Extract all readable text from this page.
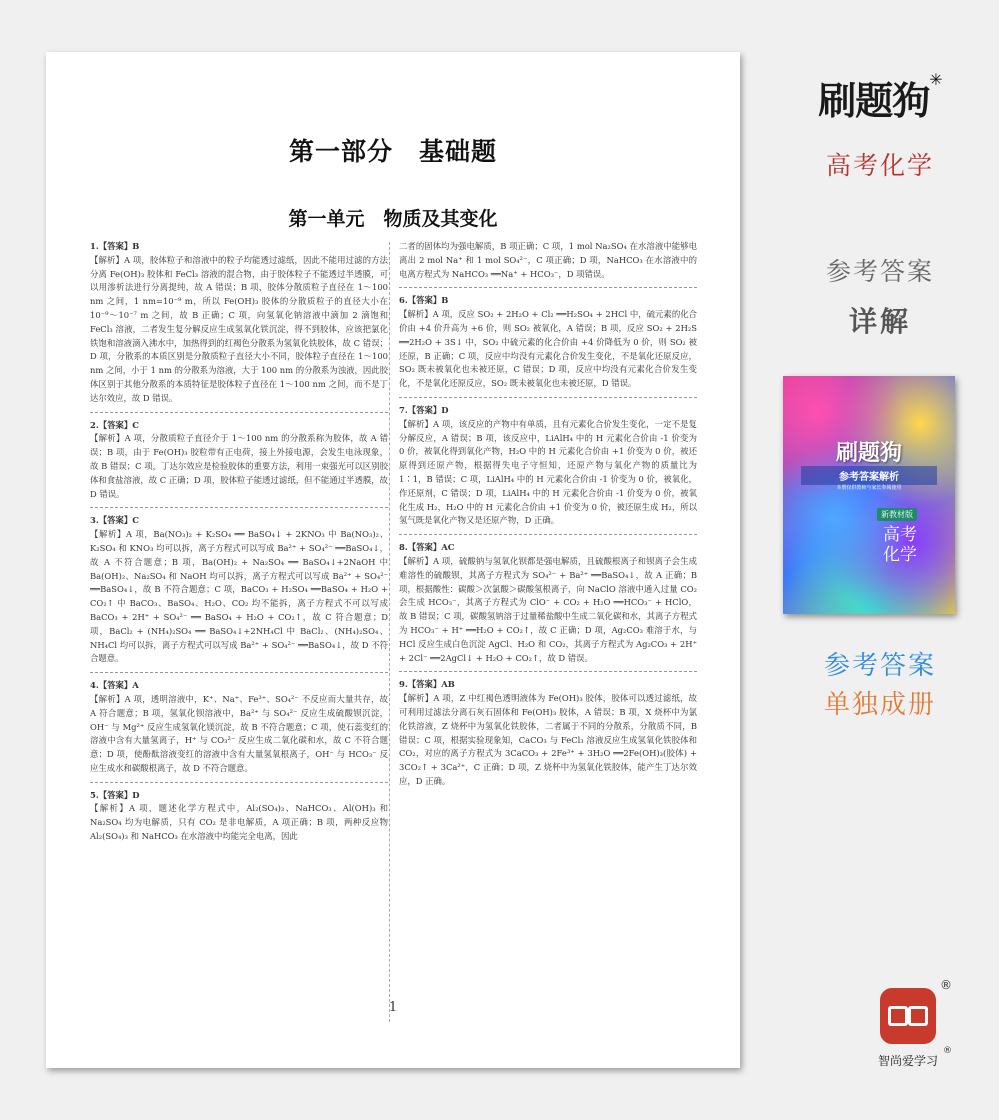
第一部分　基础题
第一单元　物质及其变化

1.【答案】B

【解析】A 项，胶体粒子和溶液中的粒子均能透过滤纸，因此不能用过滤的方法分离 Fe(OH)₃ 胶体和 FeCl₃ 溶液的混合物，由于胶体粒子不能透过半透膜，可以用渗析法进行分离提纯，故 A 错误；B 项，胶体分散质粒子直径在 1～100 nm 之间，1 nm=10⁻⁹ m，所以 Fe(OH)₃ 胶体的分散质粒子的直径大小在 10⁻⁹～10⁻⁷ m 之间，故 B 正确；C 项，向氢氧化钠溶液中滴加 2 滴饱和 FeCl₃ 溶液，二者发生复分解反应生成氢氧化铁沉淀，得不到胶体，应该把氯化铁饱和溶液滴入沸水中，加热得到的红褐色分散系为氢氧化铁胶体，故 C 错误；D 项，分散系的本质区别是分散质粒子直径大小不同，胶体粒子直径在 1～100 nm 之间，小于 1 nm 的分散系为溶液，大于 100 nm 的分散系为浊液，因此胶体区别于其他分散系的本质特征是胶体粒子直径在 1～100 nm 之间，而不是丁达尔效应，故 D 错误。

2.【答案】C

【解析】A 项，分散质粒子直径介于 1～100 nm 的分散系称为胶体，故 A 错误；B 项，由于 Fe(OH)₃ 胶粒带有正电荷，接上外接电源，会发生电泳现象，故 B 错误；C 项，丁达尔效应是检验胶体的重要方法，利用一束强光可以区别胶体和食盐溶液，故 C 正确；D 项，胶体粒子能透过滤纸，但不能通过半透膜，故 D 错误。

3.【答案】C

【解析】A 项，Ba(NO₃)₂ + K₂SO₄ ══ BaSO₄↓ + 2KNO₃ 中 Ba(NO₃)₂、K₂SO₄ 和 KNO₃ 均可以拆，离子方程式可以写成 Ba²⁺ + SO₄²⁻ ══BaSO₄↓，故 A 不符合题意；B 项，Ba(OH)₂ + Na₂SO₄ ══ BaSO₄↓+2NaOH 中 Ba(OH)₂、Na₂SO₄ 和 NaOH 均可以拆，离子方程式可以写成 Ba²⁺ + SO₄²⁻ ══BaSO₄↓，故 B 不符合题意；C 项，BaCO₃ + H₂SO₄ ══BaSO₄ + H₂O + CO₂↑ 中 BaCO₃、BaSO₄、H₂O、CO₂ 均不能拆，离子方程式不可以写成 BaCO₃ + 2H⁺ + SO₄²⁻ ══ BaSO₄ + H₂O + CO₂↑，故 C 符合题意；D 项，BaCl₂ + (NH₄)₂SO₄ ══ BaSO₄↓+2NH₄Cl 中 BaCl₂、(NH₄)₂SO₄、NH₄Cl 均可以拆，离子方程式可以写成 Ba²⁺ + SO₄²⁻ ══BaSO₄↓，故 D 不符合题意。

4.【答案】A

【解析】A 项，透明溶液中，K⁺、Na⁺、Fe³⁺、SO₄²⁻ 不反应而大量共存，故 A 符合题意；B 项，氢氧化钡溶液中，Ba²⁺ 与 SO₄²⁻ 反应生成硫酸钡沉淀，OH⁻ 与 Mg²⁺ 反应生成氢氧化镁沉淀，故 B 不符合题意；C 项，使石蕊变红的溶液中含有大量氢离子，H⁺ 与 CO₃²⁻ 反应生成二氧化碳和水，故 C 不符合题意；D 项，使酚酞溶液变红的溶液中含有大量氢氧根离子，OH⁻ 与 HCO₃⁻ 反应生成水和碳酸根离子，故 D 不符合题意。

5.【答案】D

【解析】A 项，题述化学方程式中，Al₂(SO₄)₃、NaHCO₃、Al(OH)₃ 和 Na₂SO₄ 均为电解质，只有 CO₂ 是非电解质，A 项正确；B 项，两种反应物 Al₂(SO₄)₃ 和 NaHCO₃ 在水溶液中均能完全电离，因此

二者的固体均为强电解质，B 项正确；C 项，1 mol Na₂SO₄ 在水溶液中能够电离出 2 mol Na⁺ 和 1 mol SO₄²⁻，C 项正确；D 项，NaHCO₃ 在水溶液中的电离方程式为 NaHCO₃ ══Na⁺ + HCO₃⁻，D 项错误。

6.【答案】B

【解析】A 项，反应 SO₂ + 2H₂O + Cl₂ ══H₂SO₄ + 2HCl 中，硫元素的化合价由 +4 价升高为 +6 价，则 SO₂ 被氧化，A 错误；B 项，反应 SO₂ + 2H₂S ══2H₂O + 3S↓ 中，SO₂ 中硫元素的化合价由 +4 价降低为 0 价，则 SO₂ 被还原，B 正确；C 项，反应中均没有元素化合价发生变化，不是氧化还原反应，SO₂ 既未被氧化也未被还原，C 错误；D 项，反应中均没有元素化合价发生变化，不是氧化还原反应，SO₂ 既未被氧化也未被还原，D 错误。

7.【答案】D

【解析】A 项，该反应的产物中有单质，且有元素化合价发生变化，一定不是复分解反应，A 错误；B 项，该反应中，LiAlH₄ 中的 H 元素化合价由 -1 价变为 0 价，被氧化得到氧化产物，H₂O 中的 H 元素化合价由 +1 价变为 0 价，被还原得到还原产物，根据得失电子守恒知，还原产物与氧化产物的质量比为 1∶1，B 错误；C 项，LiAlH₄ 中的 H 元素化合价由 -1 价变为 0 价，被氧化，作还原剂，C 错误；D 项，LiAlH₄ 中的 H 元素化合价由 -1 价变为 0 价，被氧化生成 H₂，H₂O 中的 H 元素化合价由 +1 价变为 0 价，被还原生成 H₂，所以氢气既是氧化产物又是还原产物，D 正确。

8.【答案】AC

【解析】A 项，硫酸钠与氢氧化钡都是强电解质，且硫酸根离子和钡离子会生成难溶性的硫酸钡，其离子方程式为 SO₄²⁻ + Ba²⁺ ══BaSO₄↓，故 A 正确；B 项，根据酸性：碳酸＞次氯酸＞碳酸氢根离子，向 NaClO 溶液中通入过量 CO₂ 会生成 HCO₃⁻，其离子方程式为 ClO⁻ + CO₂ + H₂O ══HCO₃⁻ + HClO，故 B 错误；C 项，碳酸氢钠溶于过量稀盐酸中生成二氧化碳和水，其离子方程式为 HCO₃⁻ + H⁺ ══H₂O + CO₂↑，故 C 正确；D 项，Ag₂CO₃ 难溶于水，与 HCl 反应生成白色沉淀 AgCl、H₂O 和 CO₂，其离子方程式为 Ag₂CO₃ + 2H⁺ + 2Cl⁻ ══2AgCl↓ + H₂O + CO₂↑，故 D 错误。

9.【答案】AB

【解析】A 项，Z 中红褐色透明液体为 Fe(OH)₃ 胶体，胶体可以透过滤纸，故可利用过滤法分离石灰石固体和 Fe(OH)₃ 胶体，A 错误；B 项，X 烧杯中为氯化铁溶液，Z 烧杯中为氢氧化铁胶体，二者属于不同的分散系，分散质不同，B 错误；C 项，根据实验现象知，CaCO₃ 与 FeCl₃ 溶液反应生成氢氧化铁胶体和 CO₂，对应的离子方程式为 3CaCO₃ + 2Fe³⁺ + 3H₂O ══2Fe(OH)₃(胶体) + 3CO₂↑ + 3Ca²⁺，C 正确；D 项，Z 烧杯中为氢氧化铁胶体，能产生丁达尔效应，D 正确。

1
刷题狗✳
高考化学
参考答案
详解
刷题狗
参考答案解析
本册仅供教师与家长参阅使用
新教材版
高考
化学
参考答案
单独成册
®
智尚爱学习
®
